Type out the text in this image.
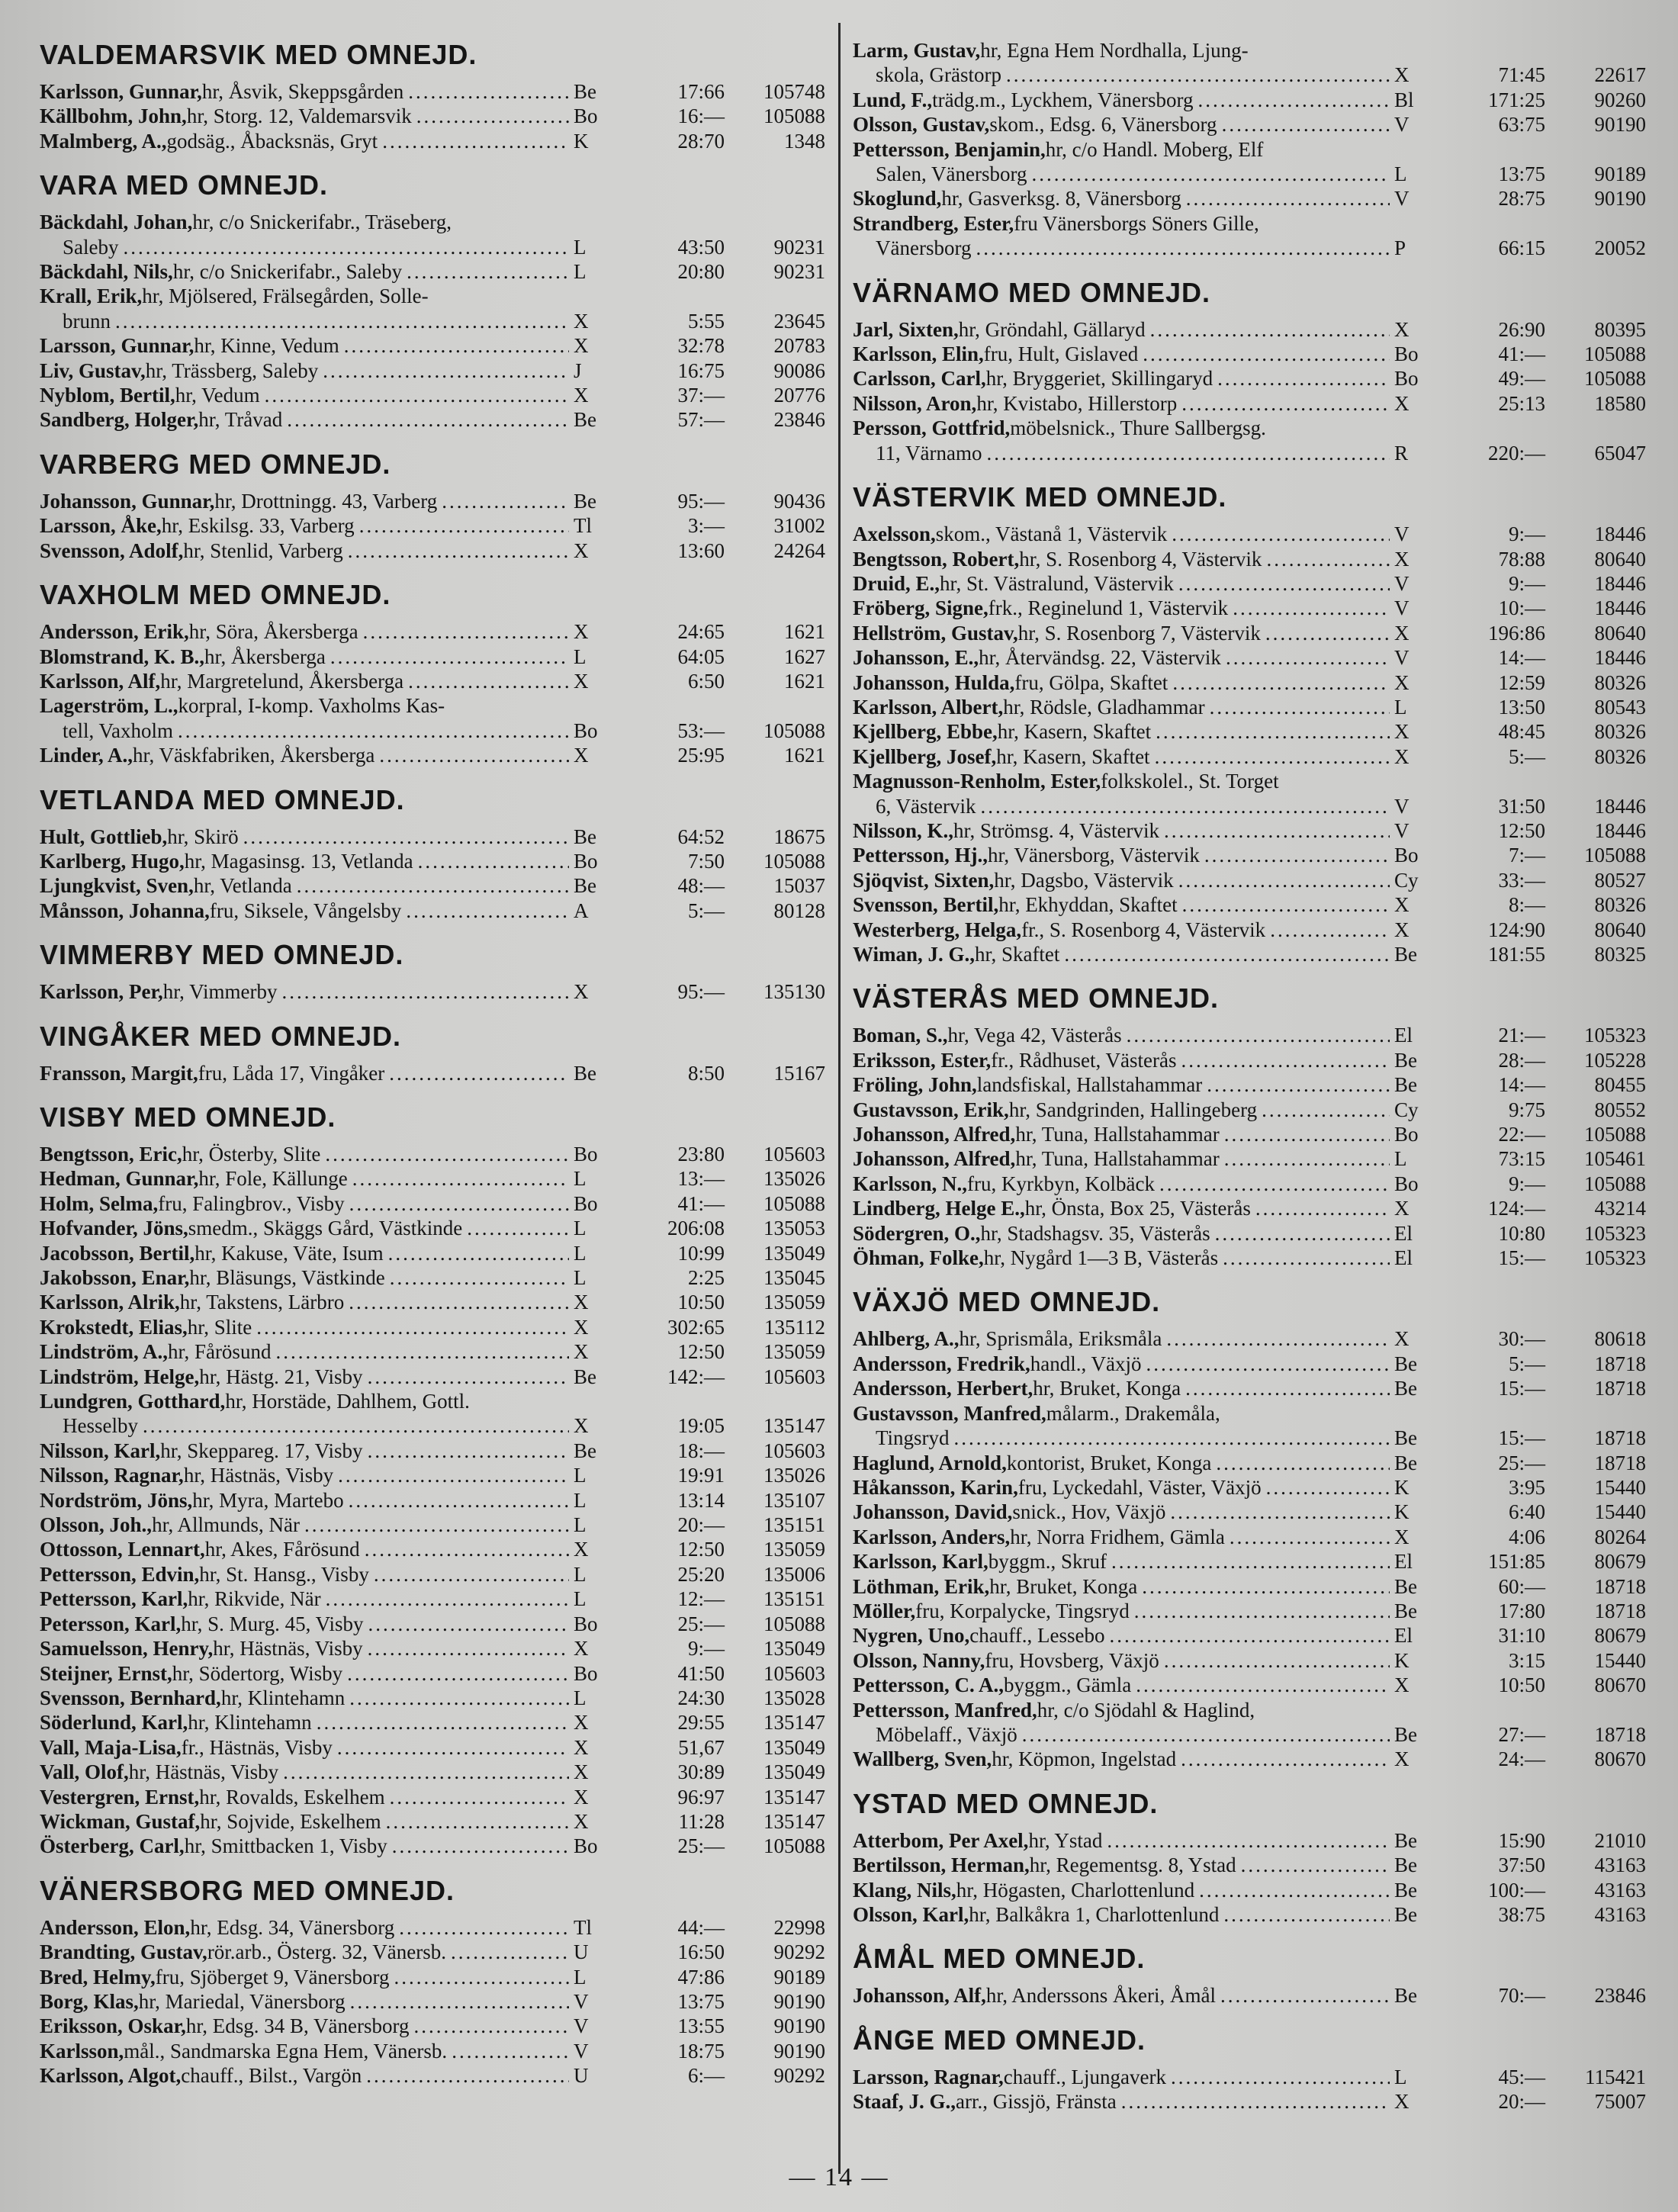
VALDEMARSVIK MED OMNEJD.
Karlsson, Gunnar, hr, Åsvik, Skeppsgården .....	Be	17:66	105748
Källbohm, John, hr, Storg. 12, Valdemarsvik .....	Bo	16:—	105088
Malmberg, A., godsäg., Åbacksnäs, Gryt .....	K	28:70	1348
VARA MED OMNEJD.
Bäckdahl, Johan, hr, c/o Snickerifabr., Träseberg,
Saleby .....	L	43:50	90231
Bäckdahl, Nils, hr, c/o Snickerifabr., Saleby .....	L	20:80	90231
Krall, Erik, hr, Mjölsered, Frälsegården, Solle-
brunn .....	X	5:55	23645
Larsson, Gunnar, hr, Kinne, Vedum .....	X	32:78	20783
Liv, Gustav, hr, Trässberg, Saleby .....	J	16:75	90086
Nyblom, Bertil, hr, Vedum .....	X	37:—	20776
Sandberg, Holger, hr, Tråvad .....	Be	57:—	23846
VARBERG MED OMNEJD.
Johansson, Gunnar, hr, Drottningg. 43, Varberg .....	Be	95:—	90436
Larsson, Åke, hr, Eskilsg. 33, Varberg .....	Tl	3:—	31002
Svensson, Adolf, hr, Stenlid, Varberg .....	X	13:60	24264
VAXHOLM MED OMNEJD.
Andersson, Erik, hr, Söra, Åkersberga .....	X	24:65	1621
Blomstrand, K. B., hr, Åkersberga .....	L	64:05	1627
Karlsson, Alf, hr, Margretelund, Åkersberga .....	X	6:50	1621
Lagerström, L., korpral, I-komp. Vaxholms Kas-
tell, Vaxholm .....	Bo	53:—	105088
Linder, A., hr, Väskfabriken, Åkersberga .....	X	25:95	1621
VETLANDA MED OMNEJD.
Hult, Gottlieb, hr, Skirö .....	Be	64:52	18675
Karlberg, Hugo, hr, Magasinsg. 13, Vetlanda .....	Bo	7:50	105088
Ljungkvist, Sven, hr, Vetlanda .....	Be	48:—	15037
Månsson, Johanna, fru, Siksele, Vångelsby .....	A	5:—	80128
VIMMERBY MED OMNEJD.
Karlsson, Per, hr, Vimmerby .....	X	95:—	135130
VINGÅKER MED OMNEJD.
Fransson, Margit, fru, Låda 17, Vingåker .....	Be	8:50	15167
VISBY MED OMNEJD.
Bengtsson, Eric, hr, Österby, Slite .....	Bo	23:80	105603
Hedman, Gunnar, hr, Fole, Källunge .....	L	13:—	135026
Holm, Selma, fru, Falingbrov., Visby .....	Bo	41:—	105088
Hofvander, Jöns, smedm., Skäggs Gård, Västkinde .....	L	206:08	135053
Jacobsson, Bertil, hr, Kakuse, Väte, Isum .....	L	10:99	135049
Jakobsson, Enar, hr, Bläsungs, Västkinde .....	L	2:25	135045
Karlsson, Alrik, hr, Takstens, Lärbro .....	X	10:50	135059
Krokstedt, Elias, hr, Slite .....	X	302:65	135112
Lindström, A., hr, Fårösund .....	X	12:50	135059
Lindström, Helge, hr, Hästg. 21, Visby .....	Be	142:—	105603
Lundgren, Gotthard, hr, Horstäde, Dahlhem, Gottl.
Hesselby .....	X	19:05	135147
Nilsson, Karl, hr, Skeppareg. 17, Visby .....	Be	18:—	105603
Nilsson, Ragnar, hr, Hästnäs, Visby .....	L	19:91	135026
Nordström, Jöns, hr, Myra, Martebo .....	L	13:14	135107
Olsson, Joh., hr, Allmunds, När .....	L	20:—	135151
Ottosson, Lennart, hr, Akes, Fårösund .....	X	12:50	135059
Pettersson, Edvin, hr, St. Hansg., Visby .....	L	25:20	135006
Pettersson, Karl, hr, Rikvide, När .....	L	12:—	135151
Petersson, Karl, hr, S. Murg. 45, Visby .....	Bo	25:—	105088
Samuelsson, Henry, hr, Hästnäs, Visby .....	X	9:—	135049
Steijner, Ernst, hr, Södertorg, Wisby .....	Bo	41:50	105603
Svensson, Bernhard, hr, Klintehamn .....	L	24:30	135028
Söderlund, Karl, hr, Klintehamn .....	X	29:55	135147
Vall, Maja-Lisa, fr., Hästnäs, Visby .....	X	51,67	135049
Vall, Olof, hr, Hästnäs, Visby .....	X	30:89	135049
Vestergren, Ernst, hr, Rovalds, Eskelhem .....	X	96:97	135147
Wickman, Gustaf, hr, Sojvide, Eskelhem .....	X	11:28	135147
Österberg, Carl, hr, Smittbacken 1, Visby .....	Bo	25:—	105088
VÄNERSBORG MED OMNEJD.
Andersson, Elon, hr, Edsg. 34, Vänersborg .....	Tl	44:—	22998
Brandting, Gustav, rör.arb., Österg. 32, Vänersb. .....	U	16:50	90292
Bred, Helmy, fru, Sjöberget 9, Vänersborg .....	L	47:86	90189
Borg, Klas, hr, Mariedal, Vänersborg .....	V	13:75	90190
Eriksson, Oskar, hr, Edsg. 34 B, Vänersborg .....	V	13:55	90190
Karlsson, mål., Sandmarska Egna Hem, Vänersb. .....	V	18:75	90190
Karlsson, Algot, chauff., Bilst., Vargön .....	U	6:—	90292
Larm, Gustav, hr, Egna Hem Nordhalla, Ljung-
skola, Grästorp .....	X	71:45	22617
Lund, F., trädg.m., Lyckhem, Vänersborg .....	Bl	171:25	90260
Olsson, Gustav, skom., Edsg. 6, Vänersborg .....	V	63:75	90190
Pettersson, Benjamin, hr, c/o Handl. Moberg, Elf
Salen, Vänersborg .....	L	13:75	90189
Skoglund, hr, Gasverksg. 8, Vänersborg .....	V	28:75	90190
Strandberg, Ester, fru Vänersborgs Söners Gille,
Vänersborg .....	P	66:15	20052
VÄRNAMO MED OMNEJD.
Jarl, Sixten, hr, Gröndahl, Gällaryd .....	X	26:90	80395
Karlsson, Elin, fru, Hult, Gislaved .....	Bo	41:—	105088
Carlsson, Carl, hr, Bryggeriet, Skillingaryd .....	Bo	49:—	105088
Nilsson, Aron, hr, Kvistabo, Hillerstorp .....	X	25:13	18580
Persson, Gottfrid, möbelsnick., Thure Sallbergsg.
11, Värnamo .....	R	220:—	65047
VÄSTERVIK MED OMNEJD.
Axelsson, skom., Västanå 1, Västervik .....	V	9:—	18446
Bengtsson, Robert, hr, S. Rosenborg 4, Västervik .....	X	78:88	80640
Druid, E., hr, St. Västralund, Västervik .....	V	9:—	18446
Fröberg, Signe, frk., Reginelund 1, Västervik .....	V	10:—	18446
Hellström, Gustav, hr, S. Rosenborg 7, Västervik .....	X	196:86	80640
Johansson, E., hr, Återvändsg. 22, Västervik .....	V	14:—	18446
Johansson, Hulda, fru, Gölpa, Skaftet .....	X	12:59	80326
Karlsson, Albert, hr, Rödsle, Gladhammar .....	L	13:50	80543
Kjellberg, Ebbe, hr, Kasern, Skaftet .....	X	48:45	80326
Kjellberg, Josef, hr, Kasern, Skaftet .....	X	5:—	80326
Magnusson-Renholm, Ester, folkskolel., St. Torget
6, Västervik .....	V	31:50	18446
Nilsson, K., hr, Strömsg. 4, Västervik .....	V	12:50	18446
Pettersson, Hj., hr, Vänersborg, Västervik .....	Bo	7:—	105088
Sjöqvist, Sixten, hr, Dagsbo, Västervik .....	Cy	33:—	80527
Svensson, Bertil, hr, Ekhyddan, Skaftet .....	X	8:—	80326
Westerberg, Helga, fr., S. Rosenborg 4, Västervik .....	X	124:90	80640
Wiman, J. G., hr, Skaftet .....	Be	181:55	80325
VÄSTERÅS MED OMNEJD.
Boman, S., hr, Vega 42, Västerås .....	El	21:—	105323
Eriksson, Ester, fr., Rådhuset, Västerås .....	Be	28:—	105228
Fröling, John, landsfiskal, Hallstahammar .....	Be	14:—	80455
Gustavsson, Erik, hr, Sandgrinden, Hallingeberg .....	Cy	9:75	80552
Johansson, Alfred, hr, Tuna, Hallstahammar .....	Bo	22:—	105088
Johansson, Alfred, hr, Tuna, Hallstahammar .....	L	73:15	105461
Karlsson, N., fru, Kyrkbyn, Kolbäck .....	Bo	9:—	105088
Lindberg, Helge E., hr, Önsta, Box 25, Västerås .....	X	124:—	43214
Södergren, O., hr, Stadshagsv. 35, Västerås .....	El	10:80	105323
Öhman, Folke, hr, Nygård 1—3 B, Västerås .....	El	15:—	105323
VÄXJÖ MED OMNEJD.
Ahlberg, A., hr, Sprismåla, Eriksmåla .....	X	30:—	80618
Andersson, Fredrik, handl., Växjö .....	Be	5:—	18718
Andersson, Herbert, hr, Bruket, Konga .....	Be	15:—	18718
Gustavsson, Manfred, målarm., Drakemåla,
Tingsryd .....	Be	15:—	18718
Haglund, Arnold, kontorist, Bruket, Konga .....	Be	25:—	18718
Håkansson, Karin, fru, Lyckedahl, Väster, Växjö .....	K	3:95	15440
Johansson, David, snick., Hov, Växjö .....	K	6:40	15440
Karlsson, Anders, hr, Norra Fridhem, Gämla .....	X	4:06	80264
Karlsson, Karl, byggm., Skruf .....	El	151:85	80679
Löthman, Erik, hr, Bruket, Konga .....	Be	60:—	18718
Möller, fru, Korpalycke, Tingsryd .....	Be	17:80	18718
Nygren, Uno, chauff., Lessebo .....	El	31:10	80679
Olsson, Nanny, fru, Hovsberg, Växjö .....	K	3:15	15440
Pettersson, C. A., byggm., Gämla .....	X	10:50	80670
Pettersson, Manfred, hr, c/o Sjödahl & Haglind,
Möbelaff., Växjö .....	Be	27:—	18718
Wallberg, Sven, hr, Köpmon, Ingelstad .....	X	24:—	80670
YSTAD MED OMNEJD.
Atterbom, Per Axel, hr, Ystad .....	Be	15:90	21010
Bertilsson, Herman, hr, Regementsg. 8, Ystad .....	Be	37:50	43163
Klang, Nils, hr, Högasten, Charlottenlund .....	Be	100:—	43163
Olsson, Karl, hr, Balkåkra 1, Charlottenlund .....	Be	38:75	43163
ÅMÅL MED OMNEJD.
Johansson, Alf, hr, Anderssons Åkeri, Åmål .....	Be	70:—	23846
ÅNGE MED OMNEJD.
Larsson, Ragnar, chauff., Ljungaverk .....	L	45:—	115421
Staaf, J. G., arr., Gissjö, Fränsta .....	X	20:—	75007
— 14 —
